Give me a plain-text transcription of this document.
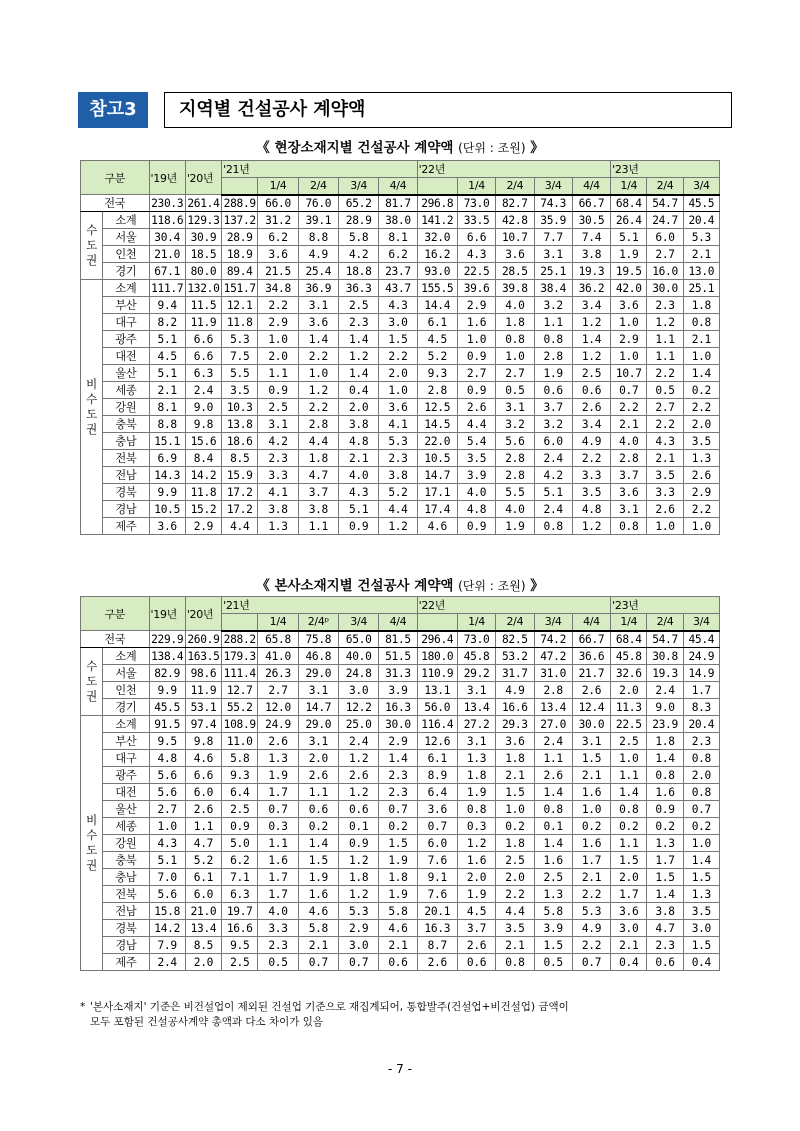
참고3	지역별 건설공사 계약액
《 현장소재지별 건설공사 계약액 (단위 : 조원) 》
구분		'19년	'20년	'21년					'22년					'23년		
					1/4	2/4	3/4	4/4		1/4	2/4	3/4	4/4	1/4	2/4	3/4
전국		230.3	261.4	288.9	66.0	76.0	65.2	81.7	296.8	73.0	82.7	74.3	66.7	68.4	54.7	45.5
수 도 권	소계	118.6	129.3	137.2	31.2	39.1	28.9	38.0	141.2	33.5	42.8	35.9	30.5	26.4	24.7	20.4
	서울	30.4	30.9	28.9	6.2	8.8	5.8	8.1	32.0	6.6	10.7	7.7	7.4	5.1	6.0	5.3
	인천	21.0	18.5	18.9	3.6	4.9	4.2	6.2	16.2	4.3	3.6	3.1	3.8	1.9	2.7	2.1
	경기	67.1	80.0	89.4	21.5	25.4	18.8	23.7	93.0	22.5	28.5	25.1	19.3	19.5	16.0	13.0
비 수 도 권	소계	111.7	132.0	151.7	34.8	36.9	36.3	43.7	155.5	39.6	39.8	38.4	36.2	42.0	30.0	25.1
	부산	9.4	11.5	12.1	2.2	3.1	2.5	4.3	14.4	2.9	4.0	3.2	3.4	3.6	2.3	1.8
	대구	8.2	11.9	11.8	2.9	3.6	2.3	3.0	6.1	1.6	1.8	1.1	1.2	1.0	1.2	0.8
	광주	5.1	6.6	5.3	1.0	1.4	1.4	1.5	4.5	1.0	0.8	0.8	1.4	2.9	1.1	2.1
	대전	4.5	6.6	7.5	2.0	2.2	1.2	2.2	5.2	0.9	1.0	2.8	1.2	1.0	1.1	1.0
	울산	5.1	6.3	5.5	1.1	1.0	1.4	2.0	9.3	2.7	2.7	1.9	2.5	10.7	2.2	1.4
	세종	2.1	2.4	3.5	0.9	1.2	0.4	1.0	2.8	0.9	0.5	0.6	0.6	0.7	0.5	0.2
	강원	8.1	9.0	10.3	2.5	2.2	2.0	3.6	12.5	2.6	3.1	3.7	2.6	2.2	2.7	2.2
	충북	8.8	9.8	13.8	3.1	2.8	3.8	4.1	14.5	4.4	3.2	3.2	3.4	2.1	2.2	2.0
	충남	15.1	15.6	18.6	4.2	4.4	4.8	5.3	22.0	5.4	5.6	6.0	4.9	4.0	4.3	3.5
	전북	6.9	8.4	8.5	2.3	1.8	2.1	2.3	10.5	3.5	2.8	2.4	2.2	2.8	2.1	1.3
	전남	14.3	14.2	15.9	3.3	4.7	4.0	3.8	14.7	3.9	2.8	4.2	3.3	3.7	3.5	2.6
	경북	9.9	11.8	17.2	4.1	3.7	4.3	5.2	17.1	4.0	5.5	5.1	3.5	3.6	3.3	2.9
	경남	10.5	15.2	17.2	3.8	3.8	5.1	4.4	17.4	4.8	4.0	2.4	4.8	3.1	2.6	2.2
	제주	3.6	2.9	4.4	1.3	1.1	0.9	1.2	4.6	0.9	1.9	0.8	1.2	0.8	1.0	1.0
《 본사소재지별 건설공사 계약액 (단위 : 조원) 》
구분		'19년	'20년	'21년					'22년					'23년		
					1/4	2/4ᵖ	3/4	4/4		1/4	2/4	3/4	4/4	1/4	2/4	3/4
전국		229.9	260.9	288.2	65.8	75.8	65.0	81.5	296.4	73.0	82.5	74.2	66.7	68.4	54.7	45.4
수 도 권	소계	138.4	163.5	179.3	41.0	46.8	40.0	51.5	180.0	45.8	53.2	47.2	36.6	45.8	30.8	24.9
	서울	82.9	98.6	111.4	26.3	29.0	24.8	31.3	110.9	29.2	31.7	31.0	21.7	32.6	19.3	14.9
	인천	9.9	11.9	12.7	2.7	3.1	3.0	3.9	13.1	3.1	4.9	2.8	2.6	2.0	2.4	1.7
	경기	45.5	53.1	55.2	12.0	14.7	12.2	16.3	56.0	13.4	16.6	13.4	12.4	11.3	9.0	8.3
비 수 도 권	소계	91.5	97.4	108.9	24.9	29.0	25.0	30.0	116.4	27.2	29.3	27.0	30.0	22.5	23.9	20.4
	부산	9.5	9.8	11.0	2.6	3.1	2.4	2.9	12.6	3.1	3.6	2.4	3.1	2.5	1.8	2.3
	대구	4.8	4.6	5.8	1.3	2.0	1.2	1.4	6.1	1.3	1.8	1.1	1.5	1.0	1.4	0.8
	광주	5.6	6.6	9.3	1.9	2.6	2.6	2.3	8.9	1.8	2.1	2.6	2.1	1.1	0.8	2.0
	대전	5.6	6.0	6.4	1.7	1.1	1.2	2.3	6.4	1.9	1.5	1.4	1.6	1.4	1.6	0.8
	울산	2.7	2.6	2.5	0.7	0.6	0.6	0.7	3.6	0.8	1.0	0.8	1.0	0.8	0.9	0.7
	세종	1.0	1.1	0.9	0.3	0.2	0.1	0.2	0.7	0.3	0.2	0.1	0.2	0.2	0.2	0.2
	강원	4.3	4.7	5.0	1.1	1.4	0.9	1.5	6.0	1.2	1.8	1.4	1.6	1.1	1.3	1.0
	충북	5.1	5.2	6.2	1.6	1.5	1.2	1.9	7.6	1.6	2.5	1.6	1.7	1.5	1.7	1.4
	충남	7.0	6.1	7.1	1.7	1.9	1.8	1.8	9.1	2.0	2.0	2.5	2.1	2.0	1.5	1.5
	전북	5.6	6.0	6.3	1.7	1.6	1.2	1.9	7.6	1.9	2.2	1.3	2.2	1.7	1.4	1.3
	전남	15.8	21.0	19.7	4.0	4.6	5.3	5.8	20.1	4.5	4.4	5.8	5.3	3.6	3.8	3.5
	경북	14.2	13.4	16.6	3.3	5.8	2.9	4.6	16.3	3.7	3.5	3.9	4.9	3.0	4.7	3.0
	경남	7.9	8.5	9.5	2.3	2.1	3.0	2.1	8.7	2.6	2.1	1.5	2.2	2.1	2.3	1.5
	제주	2.4	2.0	2.5	0.5	0.7	0.7	0.6	2.6	0.6	0.8	0.5	0.7	0.4	0.6	0.4
* '본사소재지' 기준은 비건설업이 제외된 건설업 기준으로 재집계되어, 통합발주(건설업+비건설업) 금액이
모두 포함된 건설공사계약 총액과 다소 차이가 있음
- 7 -
